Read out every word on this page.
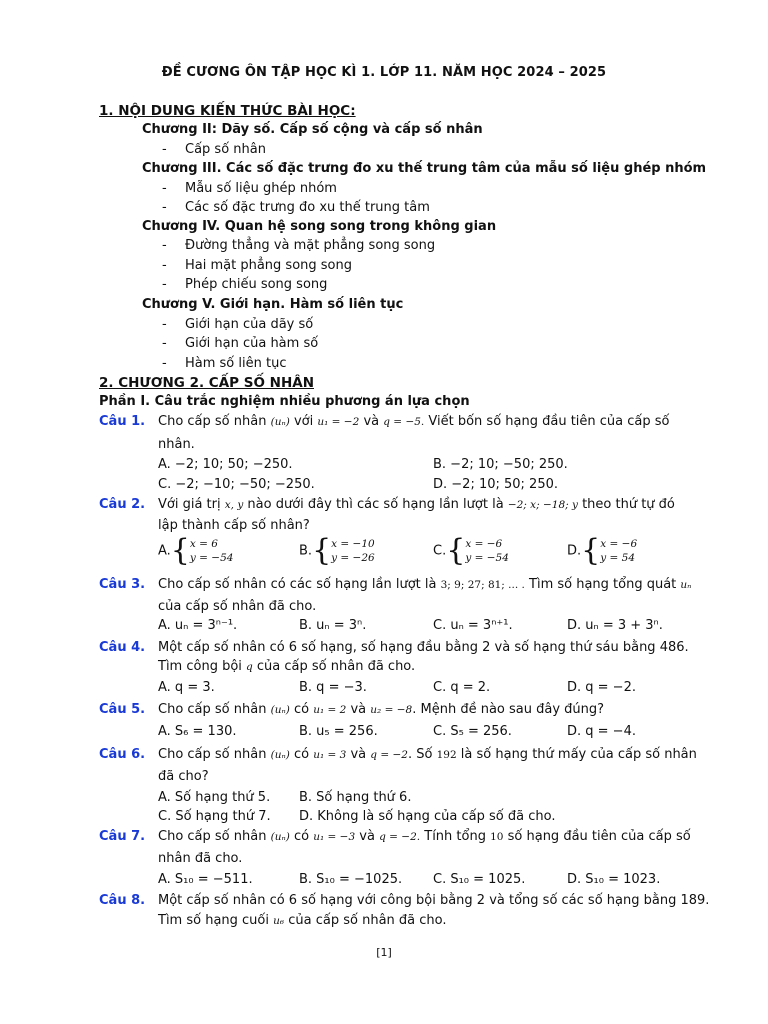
ĐỀ CƯƠNG ÔN TẬP HỌC KÌ 1. LỚP 11. NĂM HỌC 2024 – 2025
1. NỘI DUNG KIẾN THỨC BÀI HỌC:
Chương II: Dãy số. Cấp số cộng và cấp số nhân
- Cấp số nhân
Chương III. Các số đặc trưng đo xu thế trung tâm của mẫu số liệu ghép nhóm
- Mẫu số liệu ghép nhóm
- Các số đặc trưng đo xu thế trung tâm
Chương IV. Quan hệ song song trong không gian
- Đường thẳng và mặt phẳng song song
- Hai mặt phẳng song song
- Phép chiếu song song
Chương V. Giới hạn. Hàm số liên tục
- Giới hạn của dãy số
- Giới hạn của hàm số
- Hàm số liên tục
2. CHƯƠNG 2. CẤP SỐ NHÂN
Phần I. Câu trắc nghiệm nhiều phương án lựa chọn
Câu 1. Cho cấp số nhân (uₙ) với u₁ = −2 và q = −5. Viết bốn số hạng đầu tiên của cấp số
nhân.
A. −2; 10; 50; −250.	B. −2; 10; −50; 250.
C. −2; −10; −50; −250.	D. −2; 10; 50; 250.
Câu 2. Với giá trị x, y nào dưới đây thì các số hạng lần lượt là −2; x; −18; y theo thứ tự đó
lập thành cấp số nhân?
A.{x = 6
y = −54	B.{x = −10
y = −26	C.{x = −6
y = −54	D.{x = −6
y = 54
Câu 3. Cho cấp số nhân có các số hạng lần lượt là 3; 9; 27; 81; ... . Tìm số hạng tổng quát uₙ
của cấp số nhân đã cho.
A. uₙ = 3ⁿ⁻¹.	B. uₙ = 3ⁿ.	C. uₙ = 3ⁿ⁺¹.	D. uₙ = 3 + 3ⁿ.
Câu 4. Một cấp số nhân có 6 số hạng, số hạng đầu bằng 2 và số hạng thứ sáu bằng 486.
Tìm công bội q của cấp số nhân đã cho.
A. q = 3.	B. q = −3.	C. q = 2.	D. q = −2.
Câu 5. Cho cấp số nhân (uₙ) có u₁ = 2 và u₂ = −8. Mệnh đề nào sau đây đúng?
A. S₆ = 130.	B. u₅ = 256.	C. S₅ = 256.	D. q = −4.
Câu 6. Cho cấp số nhân (uₙ) có u₁ = 3 và q = −2. Số 192 là số hạng thứ mấy của cấp số nhân
đã cho?
A. Số hạng thứ 5. B. Số hạng thứ 6.
C. Số hạng thứ 7. D. Không là số hạng của cấp số đã cho.
Câu 7. Cho cấp số nhân (uₙ) có u₁ = −3 và q = −2. Tính tổng 10 số hạng đầu tiên của cấp số
nhân đã cho.
A. S₁₀ = −511.	B. S₁₀ = −1025. C. S₁₀ = 1025.	D. S₁₀ = 1023.
Câu 8. Một cấp số nhân có 6 số hạng với công bội bằng 2 và tổng số các số hạng bằng 189.
Tìm số hạng cuối u₆ của cấp số nhân đã cho.
[1]
